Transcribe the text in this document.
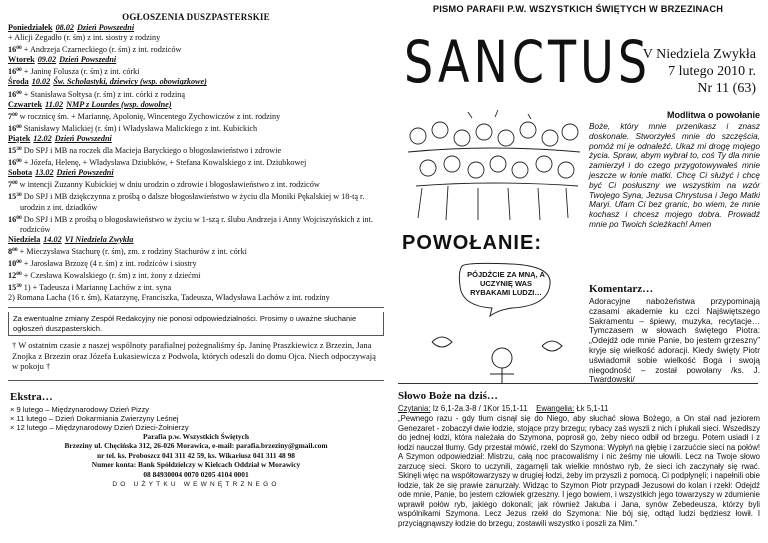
OGŁOSZENIA DUSZPASTERSKIE
Poniedziałek 08.02 Dzień Powszedni
+ Alicji Zegadło (r. śm) z int. siostry z rodziny
$16^{00}$ + Andrzeja Czarneckiego (r. śm) z int. rodziców
Wtorek 09.02 Dzień Powszedni
$16^{00}$ + Janinę Folusza (r. śm) z int. córki
Środa 10.02 Św. Scholastyki, dziewicy (wsp. obowiązkowe)
$16^{00}$ + Stanisława Sołtysa (r. śm) z int. córki z rodziną
Czwartek 11.02 NMP z Lourdes (wsp. dowolne)
$7^{00}$ w rocznicę śm. + Mariannę, Apolonię, Wincentego Zychowiczów z int. rodziny
$16^{00}$ Stanisławy Malickiej (r. śm) i Władysława Malickiego z int. Kubickich
Piątek 12.02 Dzień Powszedni
$15^{30}$ Do SPJ i MB na roczek dla Macieja Baryckiego o błogosławieństwo i zdrowie
$16^{00}$ + Józefa, Helenę, + Władysława Dziubków, + Stefana Kowalskiego z int. Dziubkowej
Sobota 13.02 Dzień Powszedni
$7^{00}$ w intencji Zuzanny Kubickiej w dniu urodzin o zdrowie i błogosławieństwo z int. rodziców
$15^{30}$ Do SPJ i MB dziękczynna z prośbą o dalsze błogosławieństwo w życiu dla Moniki Pękalskiej w 18-tą r. urodzin z int. dziadków
$16^{00}$ Do SPJ i MB z prośbą o błogosławieństwo w życiu w 1-szą r. ślubu Andrzeja i Anny Wojciszyńskich z int. rodziców
Niedziela 14.02 VI Niedziela Zwykła
$8^{00}$ + Mieczysława Stachurę (r. śm), zm. z rodziny Stachurów z int. córki
$10^{00}$ + Jarosława Brzozę (4 r. śm) z int. rodziców i siostry
$12^{00}$ + Czesława Kowalskiego (r. śm) z int. żony z dziećmi
$15^{30}$ 1) + Tadeusza i Mariannę Lachów z int. syna
2) Romana Lacha (16 r. śm), Katarzynę, Franciszka, Tadeusza, Władysława Lachów z int. rodziny
Za ewentualne zmiany Zespół Redakcyjny nie ponosi odpowiedzialności. Prosimy o uważne słuchanie ogłoszeń duszpasterskich.
† W ostatnim czasie z naszej wspólnoty parafialnej pożegnaliśmy śp. Janinę Praszkiewicz z Brzezin, Jana Znojka z Brzezin oraz Józefa Łukasiewicza z Podwola, których odeszli do domu Ojca. Niech odpoczywają w pokoju †
Ekstra…
× 9 lutego – Międzynarodowy Dzień Pizzy
× 11 lutego – Dzień Dokarmiania Zwierzyny Leśnej
× 12 lutego – Międzynarodowy Dzień Dzieci-Żołnierzy
Parafia p.w. Wszystkich Świętych
Brzeziny ul. Chęcińska 312, 26-026 Morawica, e-mail: parafia.brzeziny@gmail.com
nr tel. ks. Proboszcz 041 311 42 59, ks. Wikariusz 041 311 48 98
Numer konta: Bank Spółdzielczy w Kielcach Oddział w Morawicy
08 84930004 0070 0205 4104 0001
DO UŻYTKU WEWNĘTRZNEGO
PISMO PARAFII P.W. WSZYSTKICH ŚWIĘTYCH W BRZEZINACH
SANCTUS
V Niedziela Zwykła
7 lutego 2010 r.
Nr 11 (63)
POWOŁANIE:
PÓJDŹCIE ZA MNĄ, A UCZYNIĘ WAS RYBAKAMI LUDZI…
Modlitwa o powołanie
Boże, który mnie przenikasz i znasz doskonale. Stworzyłeś mnie do szczęścia, pomóż mi je odnaleźć. Ukaż mi drogę mojego życia. Spraw, abym wybrał to, coś Ty dla mnie zamierzył i do czego przygotowywałeś mnie jeszcze w łonie matki. Chcę Ci służyć i chcę być Ci posłuszny we wszystkim na wzór Twojego Syna, Jezusa Chrystusa i Jego Matki Maryi. Ufam Ci bez granic, bo wiem, że mnie kochasz i chcesz mojego dobra. Prowadź mnie po Twoich ścieżkach! Amen
Komentarz…
Adoracyjne nabożeństwa przypominają czasami akademie ku czci Najświętszego Sakramentu – śpiewy, muzyka, recytacje… Tymczasem w słowach świętego Piotra: „Odejdź ode mnie Panie, bo jestem grzeszny” kryje się wielkość adoracji. Kiedy święty Piotr uświadomił sobie wielkość Boga i swoją niegodność – został powołany /ks. J. Twardowski/
Słowo Boże na dziś…
Czytania: Iz 6,1-2a.3-8 / 1Kor 15,1-11 Ewangelia: Łk 5,1-11
„Pewnego razu - gdy tłum cisnął się do Niego, aby słuchać słowa Bożego, a On stał nad jeziorem Genezaret - zobaczył dwie łodzie, stojące przy brzegu; rybacy zaś wyszli z nich i płukali sieci. Wszedłszy do jednej łodzi, która należała do Szymona, poprosił go, żeby nieco odbił od brzegu. Potem usiadł i z łodzi nauczał tłumy. Gdy przestał mówić, rzekł do Szymona: Wypłyń na głębię i zarzućcie sieci na połów! A Szymon odpowiedział: Mistrzu, całą noc pracowaliśmy i nic żeśmy nie ułowili. Lecz na Twoje słowo zarzucę sieci. Skoro to uczynili, zagarnęli tak wielkie mnóstwo ryb, że sieci ich zaczynały się rwać. Skinęli więc na współtowarzyszy w drugiej łodzi, żeby im przyszli z pomocą. Ci podpłynęli; i napełnili obie łodzie, tak że się prawie zanurzały. Widząc to Szymon Piotr przypadł Jezusowi do kolan i rzekł: Odejdź ode mnie, Panie, bo jestem człowiek grzeszny. I jego bowiem, i wszystkich jego towarzyszy w zdumienie wprawił połów ryb, jakiego dokonali; jak również Jakuba i Jana, synów Zebedeusza, którzy byli wspólnikami Szymona. Lecz Jezus rzekł do Szymona: Nie bój się, odtąd ludzi będziesz łowił. I przyciągnąwszy łodzie do brzegu, zostawili wszystko i poszli za Nim.”
